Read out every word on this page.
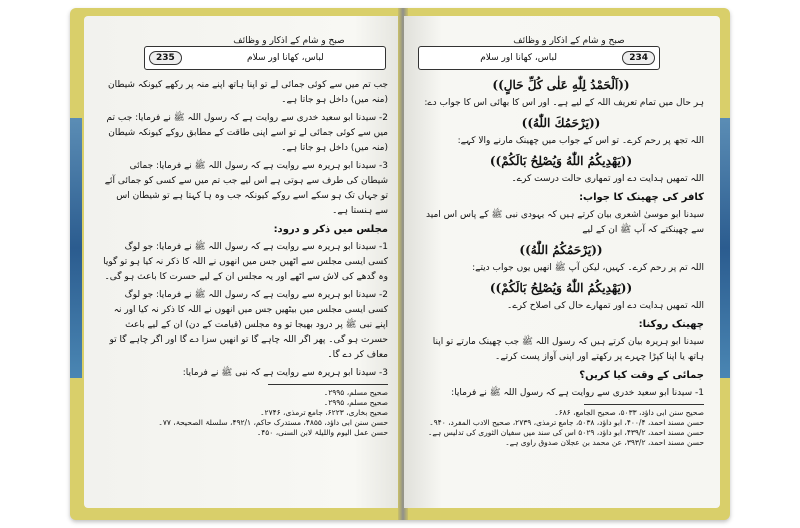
صبح و شام کے اذکار و وظائف
235	لباس، کھانا اور سلام

جب تم میں سے کوئی جمائی لے تو اپنا ہاتھ اپنے منہ پر رکھے کیونکہ شیطان (منہ میں) داخل ہو جاتا ہے۔

2- سیدنا ابو سعید خدری سے روایت ہے کہ رسول اللہ ﷺ نے فرمایا: جب تم میں سے کوئی جمائی لے تو اسے اپنی طاقت کے مطابق روکے کیونکہ شیطان (منہ میں) داخل ہو جاتا ہے۔

3- سیدنا ابو ہریرہ سے روایت ہے کہ رسول اللہ ﷺ نے فرمایا: جمائی شیطان کی طرف سے ہوتی ہے اس لیے جب تم میں سے کسی کو جمائی آئے تو جہاں تک ہو سکے اسے روکے کیونکہ جب وہ ہا کہتا ہے تو شیطان اس سے ہنستا ہے۔

مجلس میں ذکر و درود:

1- سیدنا ابو ہریرہ سے روایت ہے کہ رسول اللہ ﷺ نے فرمایا: جو لوگ کسی ایسی مجلس سے اٹھیں جس میں انھوں نے اللہ کا ذکر نہ کیا ہو تو گویا وہ گدھے کی لاش سے اٹھے اور یہ مجلس ان کے لیے حسرت کا باعث ہو گی۔

2- سیدنا ابو ہریرہ سے روایت ہے کہ رسول اللہ ﷺ نے فرمایا: جو لوگ کسی ایسی مجلس میں بیٹھیں جس میں انھوں نے اللہ کا ذکر نہ کیا اور نہ اپنے نبی ﷺ پر درود بھیجا تو وہ مجلس (قیامت کے دن) ان کے لیے باعث حسرت ہو گی۔ پھر اگر اللہ چاہے گا تو انھیں سزا دے گا اور اگر چاہے گا تو معاف کر دے گا۔

3- سیدنا ابو ہریرہ سے روایت ہے کہ نبی ﷺ نے فرمایا:

صحیح مسلم، ۲۹۹۵۔
صحیح مسلم، ۲۹۹۵۔
صحیح بخاری، ۶۲۲۳، جامع ترمذی، ۲۷۴۶۔
حسن سنن ابی داؤد، ۴۸۵۵، مستدرک حاکم، ۴۹۲/۱، سلسلۃ الصحیحۃ، ۷۷۔
حسن عمل الیوم واللیلۃ لابن السنی، ۴۵۰۔
صبح و شام کے اذکار و وظائف
لباس، کھانا اور سلام	234
((اَلْحَمْدُ لِلّٰهِ عَلٰى كُلِّ حَالٍ))

ہر حال میں تمام تعریف اللہ کے لیے ہے۔ اور اس کا بھائی اس کا جواب دے:

((يَرْحَمُكَ اللّٰهُ))

اللہ تجھ پر رحم کرے۔ تو اس کے جواب میں چھینک مارنے والا کہے:

((يَهْدِيكُمُ اللّٰهُ وَيُصْلِحُ بَالَكُمْ))

اللہ تمھیں ہدایت دے اور تمھاری حالت درست کرے۔

کافر کی چھینک کا جواب:

سیدنا ابو موسیٰ اشعری بیان کرتے ہیں کہ یہودی نبی ﷺ کے پاس اس امید سے چھینکتے کہ آپ ﷺ ان کے لیے

((يَرْحَمُكُمُ اللّٰهُ))

اللہ تم پر رحم کرے۔ کہیں، لیکن آپ ﷺ انھیں یوں جواب دیتے:

((يَهْدِيكُمُ اللّٰهُ وَيُصْلِحُ بَالَكُمْ))

اللہ تمھیں ہدایت دے اور تمھارے حال کی اصلاح کرے۔

چھینک روکنا:

سیدنا ابو ہریرہ بیان کرتے ہیں کہ رسول اللہ ﷺ جب چھینک مارتے تو اپنا ہاتھ یا اپنا کپڑا چہرے پر رکھتے اور اپنی آواز پست کرتے۔

جمائی کے وقت کیا کریں؟

1- سیدنا ابو سعید خدری سے روایت ہے کہ رسول اللہ ﷺ نے فرمایا:

صحیح سنن ابی داؤد، ۵۰۳۳، صحیح الجامع، ۶۸۶۔
حسن مسند احمد، ۴۰۰/۴، ابو داؤد، ۵۰۳۸، جامع ترمذی، ۲۷۳۹، صحیح الادب المفرد، ۹۴۰۔
حسن مسند احمد، ۴۳۹/۲، ابو داؤد، ۵۰۲۹ اس کی سند میں سفیان الثوری کی تدلیس ہے۔
حسن مسند احمد، ۳۹۳/۲، عن محمد بن عجلان صدوق راوی ہے۔
